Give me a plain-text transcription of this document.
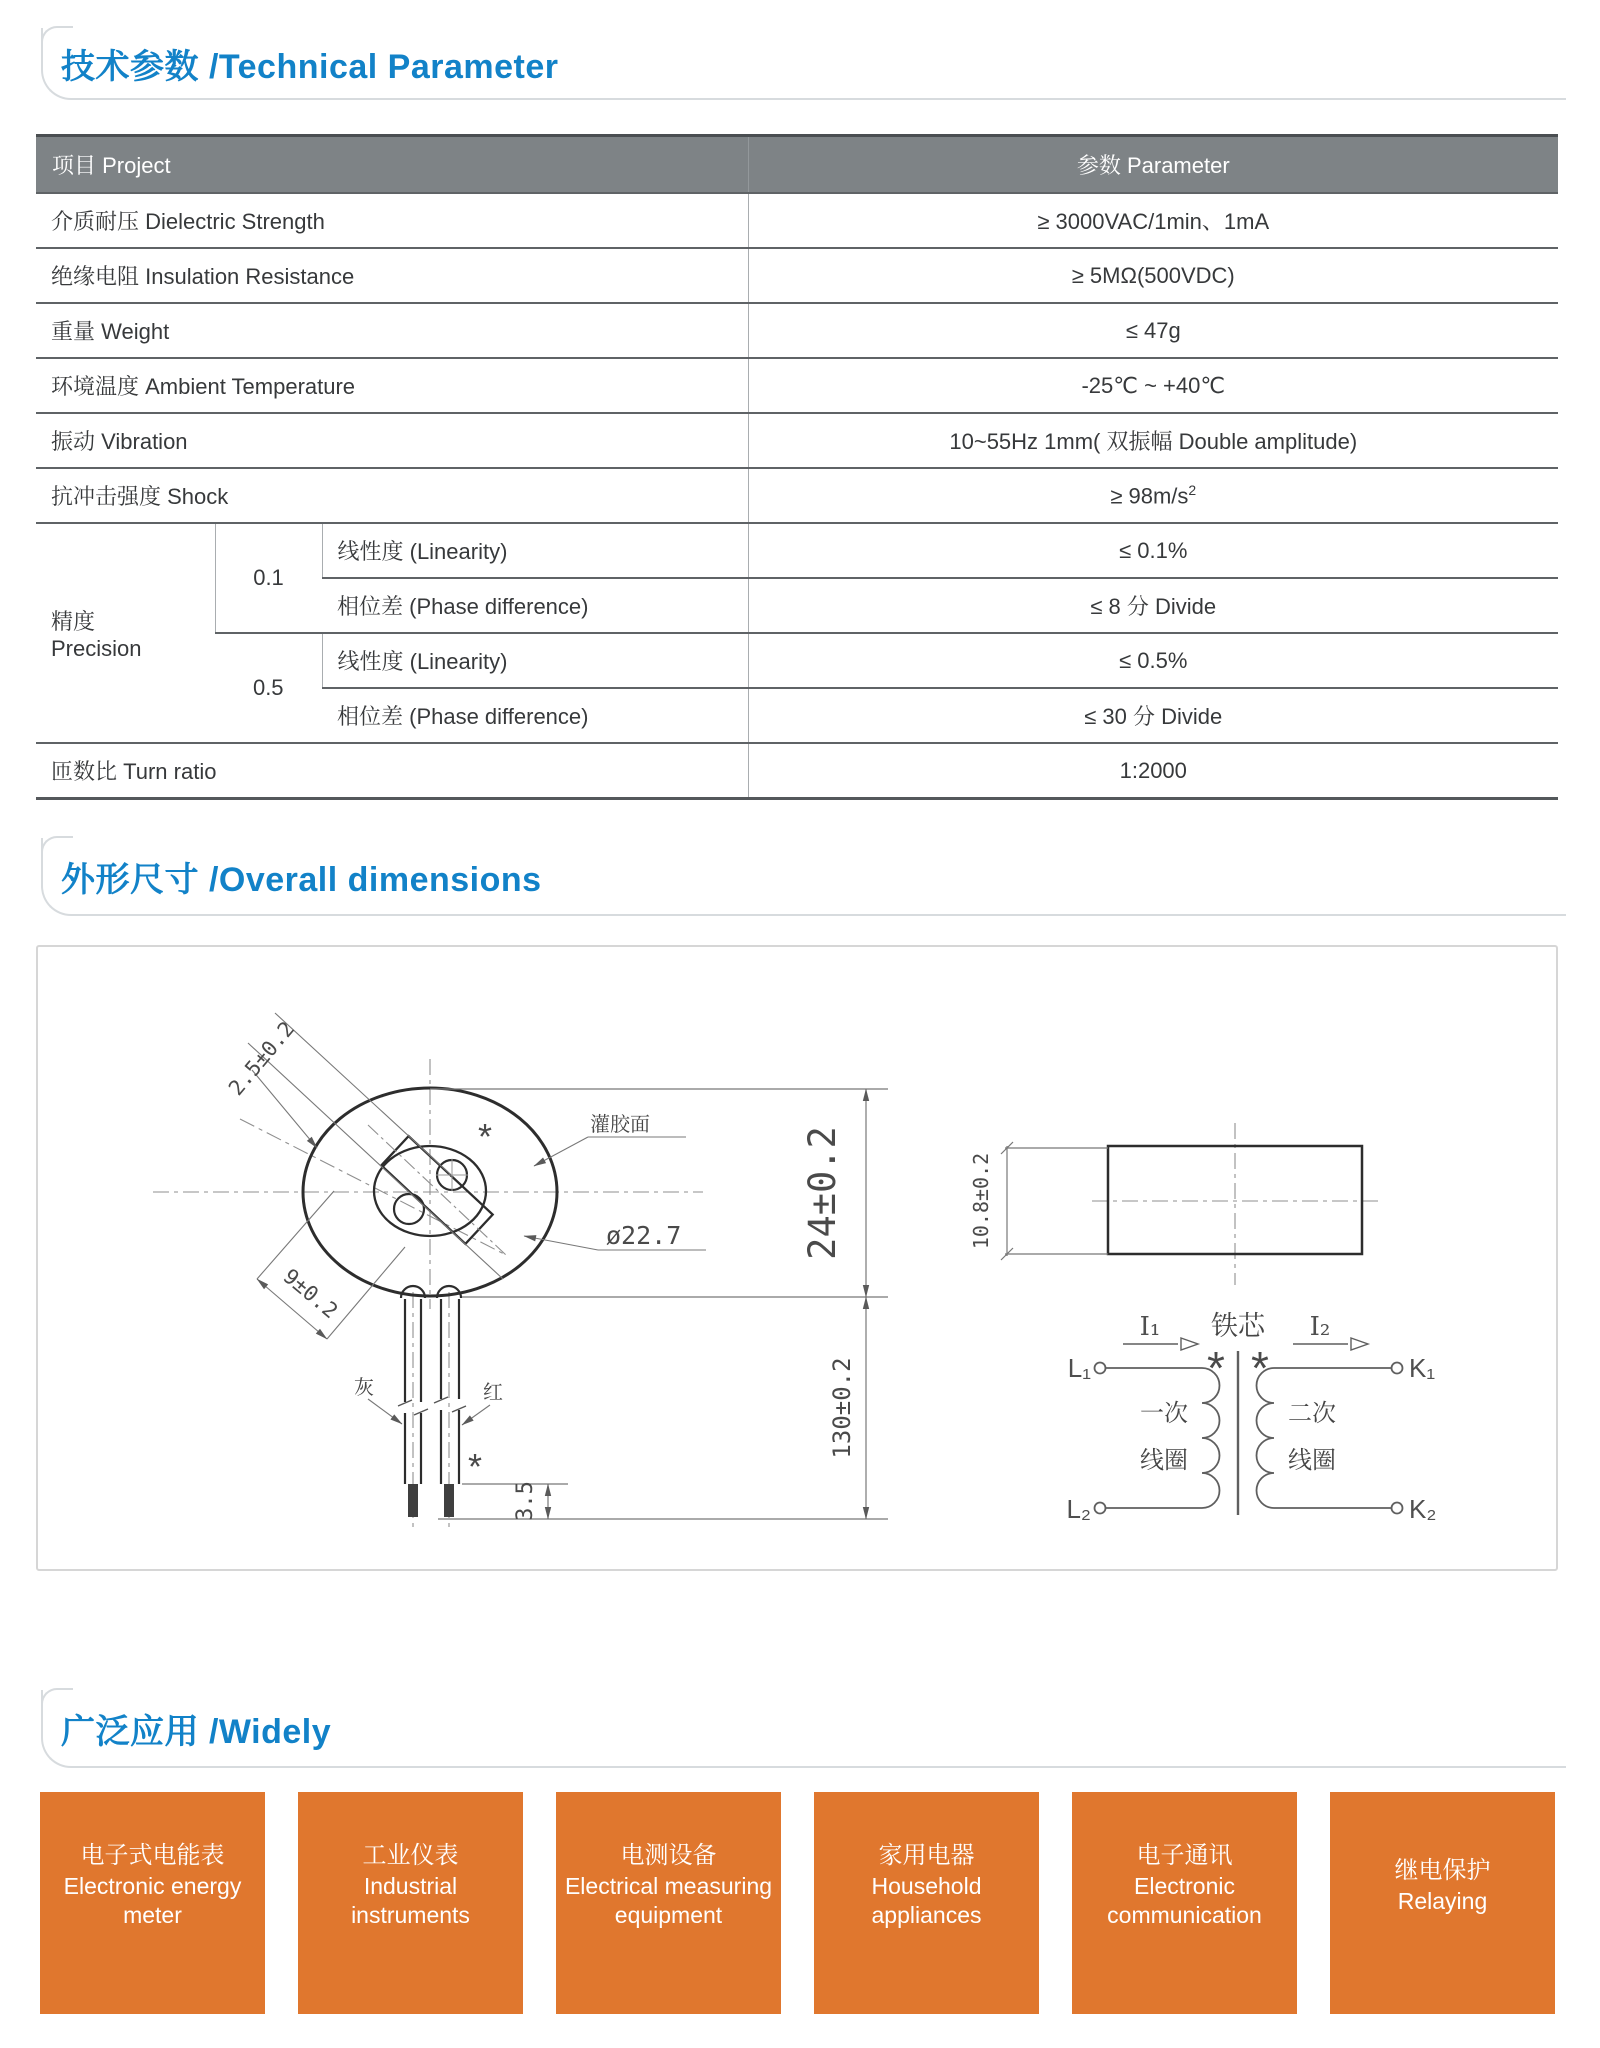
技术参数 /Technical Parameter
项目 Project			参数 Parameter
介质耐压 Dielectric Strength			≥ 3000VAC/1min、1mA
绝缘电阻 Insulation Resistance			≥ 5MΩ(500VDC)
重量 Weight			≤ 47g
环境温度 Ambient Temperature			-25℃ ~ +40℃
振动 Vibration			10~55Hz 1mm( 双振幅 Double amplitude)
抗冲击强度 Shock			≥ $98m/s^2$
精度
Precision	0.1	线性度 (Linearity)	≤ 0.1%
		相位差 (Phase difference)	≤ 8 分 Divide
	0.5	线性度 (Linearity)	≤ 0.5%
		相位差 (Phase difference)	≤ 30 分 Divide
匝数比 Turn ratio			1:2000
外形尺寸 /Overall dimensions
24±0.2
130±0.2
3.5
2.5±0.2
9±0.2
ø22.7
灌胶面
灰	红
*
*
10.8±0.2
铁芯
I₁	I₂
* *
L₁
L₂
K₁
K₂
一次
线圈
二次
线圈
广泛应用 /Widely
电子式电能表
Electronic energy meter
工业仪表
Industrial instruments
电测设备
Electrical measuring equipment
家用电器
Household appliances
电子通讯
Electronic communication
继电保护
Relaying
